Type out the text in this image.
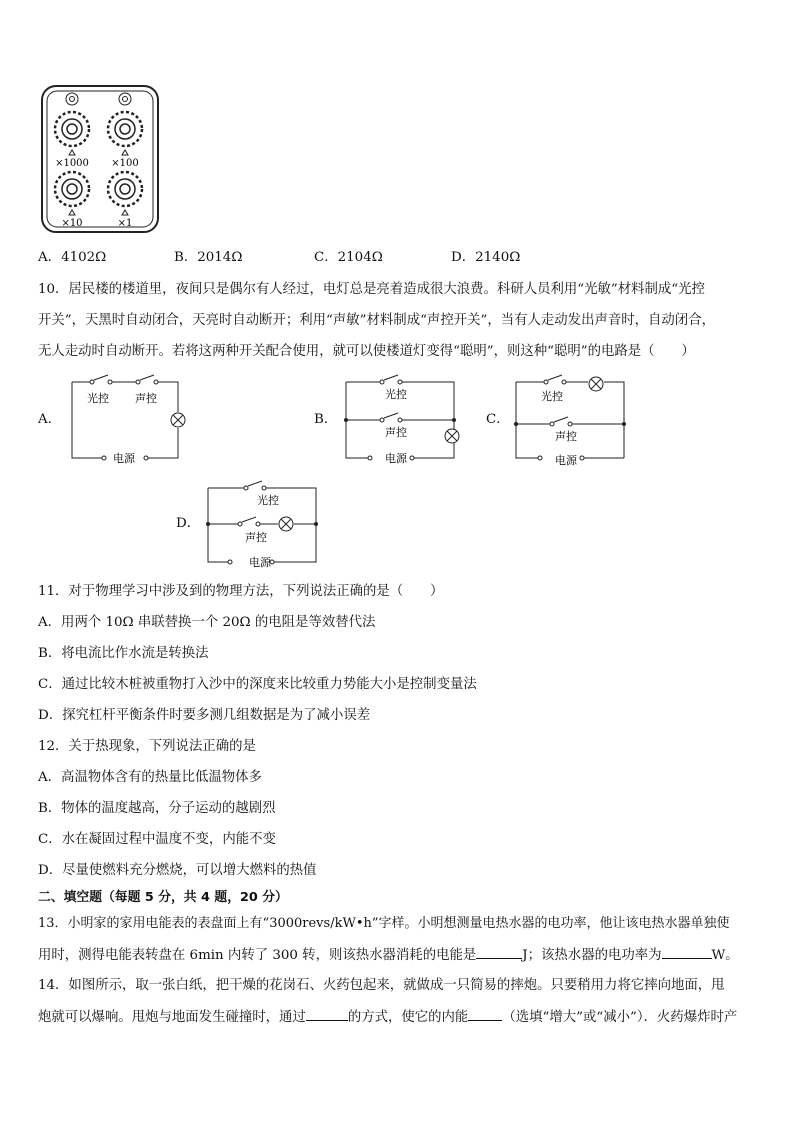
×1000 ×100
×10	×1
A．4102Ω	B．2014Ω	C．2104Ω	D．2140Ω
10．居民楼的楼道里，夜间只是偶尔有人经过，电灯总是亮着造成很大浪费。科研人员利用“光敏”材料制成“光控
开关”，天黑时自动闭合，天亮时自动断开；利用“声敏”材料制成“声控开关”，当有人走动发出声音时，自动闭合，
无人走动时自动断开。若将这两种开关配合使用，就可以使楼道灯变得“聪明”，则这种“聪明”的电路是（　　）
A．
光控 声控
电源
B．
光控
声控
电源
C．
光控
声控
电源
D．
光控
声控
电源
11．对于物理学习中涉及到的物理方法，下列说法正确的是（　　）
A．用两个 10Ω 串联替换一个 20Ω 的电阻是等效替代法
B．将电流比作水流是转换法
C．通过比较木桩被重物打入沙中的深度来比较重力势能大小是控制变量法
D．探究杠杆平衡条件时要多测几组数据是为了减小误差
12．关于热现象，下列说法正确的是
A．高温物体含有的热量比低温物体多
B．物体的温度越高，分子运动的越剧烈
C．水在凝固过程中温度不变，内能不变
D．尽量使燃料充分燃烧，可以增大燃料的热值
二、填空题（每题 5 分，共 4 题，20 分）
13．小明家的家用电能表的表盘面上有“3000revs/kW•h”字样。小明想测量电热水器的电功率，他让该电热水器单独使
用时，测得电能表转盘在 6min 内转了 300 转，则该热水器消耗的电能是	J；该热水器的电功率为	W。
14．如图所示，取一张白纸，把干燥的花岗石、火药包起来，就做成一只简易的摔炮。只要稍用力将它摔向地面，甩
炮就可以爆响。甩炮与地面发生碰撞时，通过	的方式，使它的内能	（选填“增大”或“减小”）．火药爆炸时产
